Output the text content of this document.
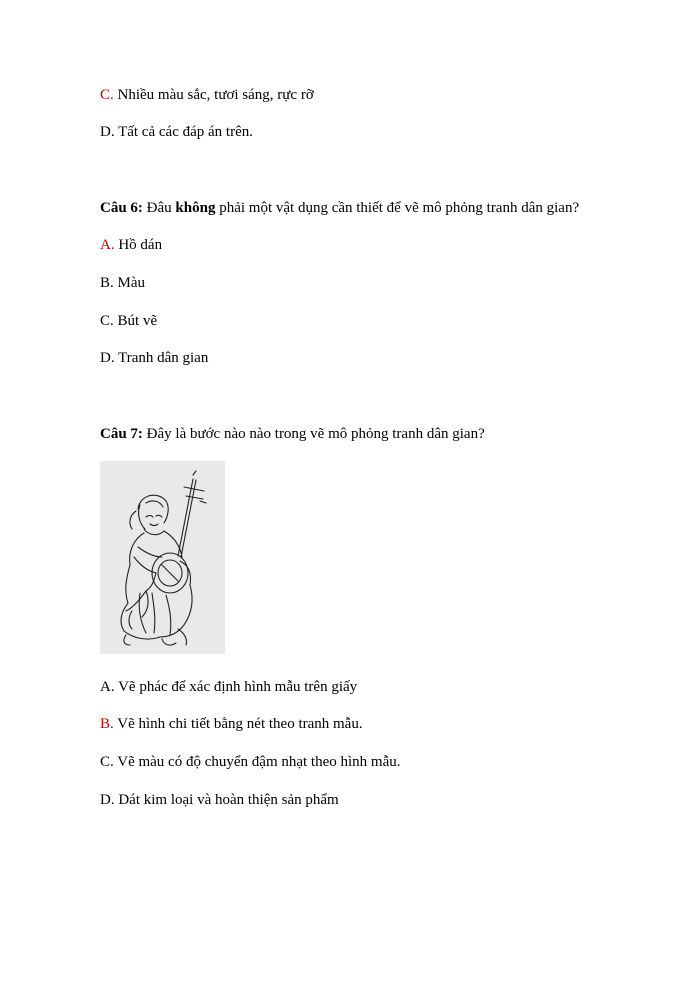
C. Nhiều màu sắc, tươi sáng, rực rỡ
D. Tất cả các đáp án trên.
Câu 6: Đâu không phải một vật dụng cần thiết để vẽ mô phỏng tranh dân gian?
A. Hồ dán
B. Màu
C. Bút vẽ
D. Tranh dân gian
Câu 7: Đây là bước nào nào trong vẽ mô phỏng tranh dân gian?
A. Vẽ phác để xác định hình mẫu trên giấy
B. Vẽ hình chi tiết bằng nét theo tranh mẫu.
C. Vẽ màu có độ chuyển đậm nhạt theo hình mẫu.
D. Dát kim loại và hoàn thiện sản phẩm
